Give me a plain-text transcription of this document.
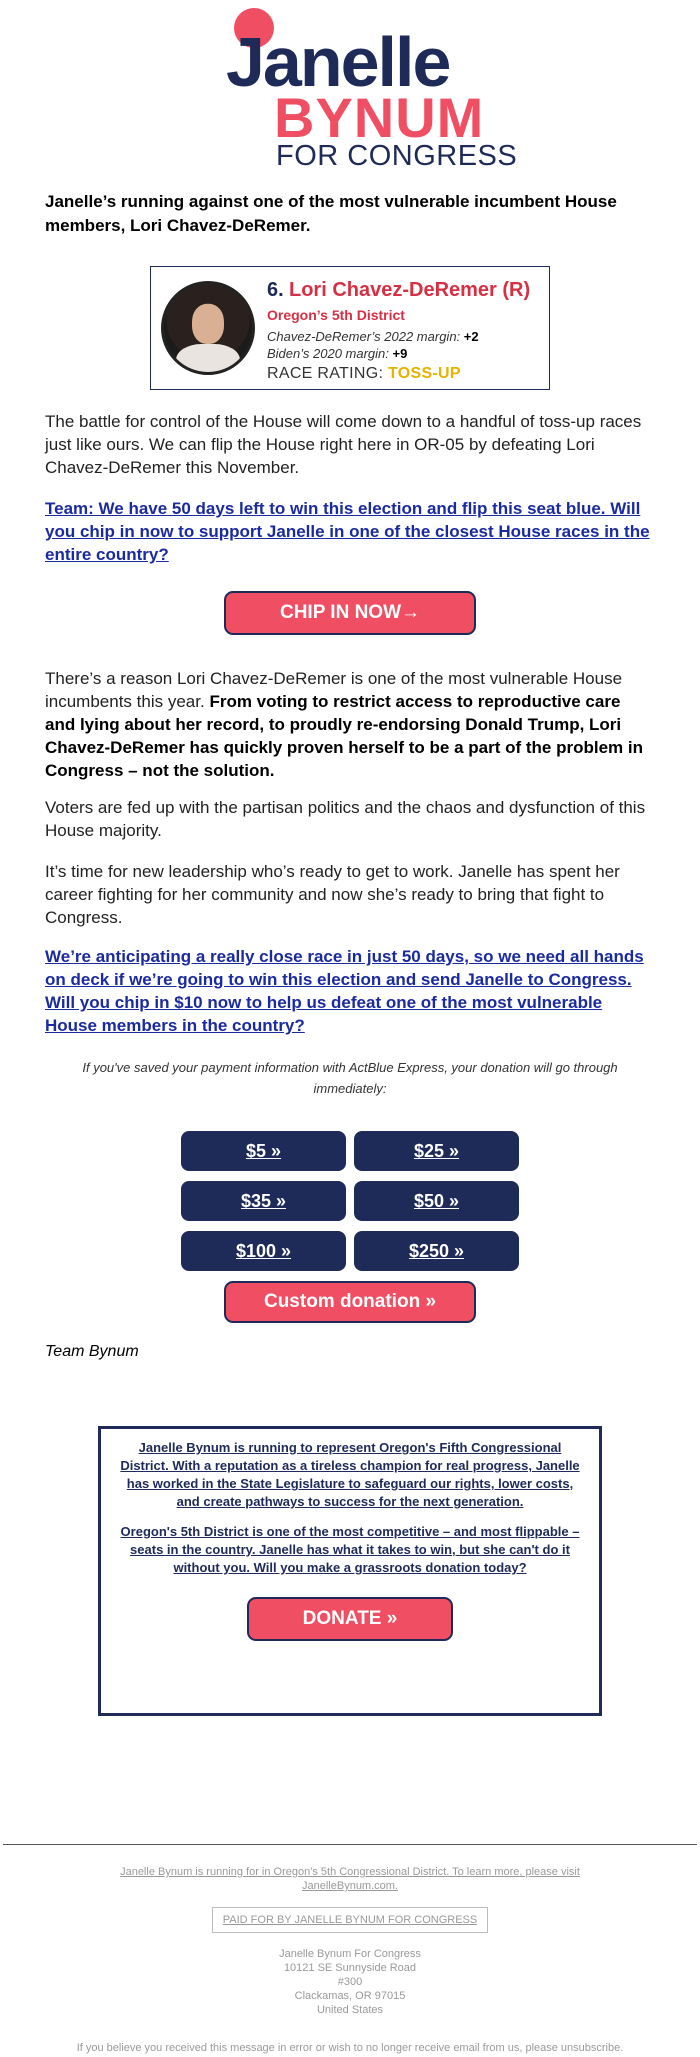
Janelle
BYNUM
FOR CONGRESS

Janelle’s running against one of the most vulnerable incumbent House members, Lori Chavez-DeRemer.

6. Lori Chavez-DeRemer (R)
Oregon’s 5th District
Chavez-DeRemer’s 2022 margin: +2
Biden’s 2020 margin: +9
RACE RATING: TOSS-UP

The battle for control of the House will come down to a handful of toss-up races just like ours. We can flip the House right here in OR-05 by defeating Lori Chavez-DeRemer this November.

Team: We have 50 days left to win this election and flip this seat blue. Will you chip in now to support Janelle in one of the closest House races in the entire country?
CHIP IN NOW→

There’s a reason Lori Chavez-DeRemer is one of the most vulnerable House incumbents this year. From voting to restrict access to reproductive care and lying about her record, to proudly re-endorsing Donald Trump, Lori Chavez-DeRemer has quickly proven herself to be a part of the problem in Congress – not the solution.

Voters are fed up with the partisan politics and the chaos and dysfunction of this House majority.

It’s time for new leadership who’s ready to get to work. Janelle has spent her career fighting for her community and now she’s ready to bring that fight to Congress.

We’re anticipating a really close race in just 50 days, so we need all hands on deck if we’re going to win this election and send Janelle to Congress. Will you chip in $10 now to help us defeat one of the most vulnerable House members in the country?

If you've saved your payment information with ActBlue Express, your donation will go through immediately:

$5 »	$25 »
$35 »	$50 »
$100 »	$250 »
Custom donation »
Team Bynum

Janelle Bynum is running to represent Oregon's Fifth Congressional District. With a reputation as a tireless champion for real progress, Janelle has worked in the State Legislature to safeguard our rights, lower costs, and create pathways to success for the next generation.

Oregon's 5th District is one of the most competitive – and most flippable – seats in the country. Janelle has what it takes to win, but she can't do it without you. Will you make a grassroots donation today?

DONATE »
Janelle Bynum is running for in Oregon's 5th Congressional District. To learn more, please visit JanelleBynum.com.
PAID FOR BY JANELLE BYNUM FOR CONGRESS
Janelle Bynum For Congress
10121 SE Sunnyside Road
#300
Clackamas, OR 97015
United States
If you believe you received this message in error or wish to no longer receive email from us, please unsubscribe.
